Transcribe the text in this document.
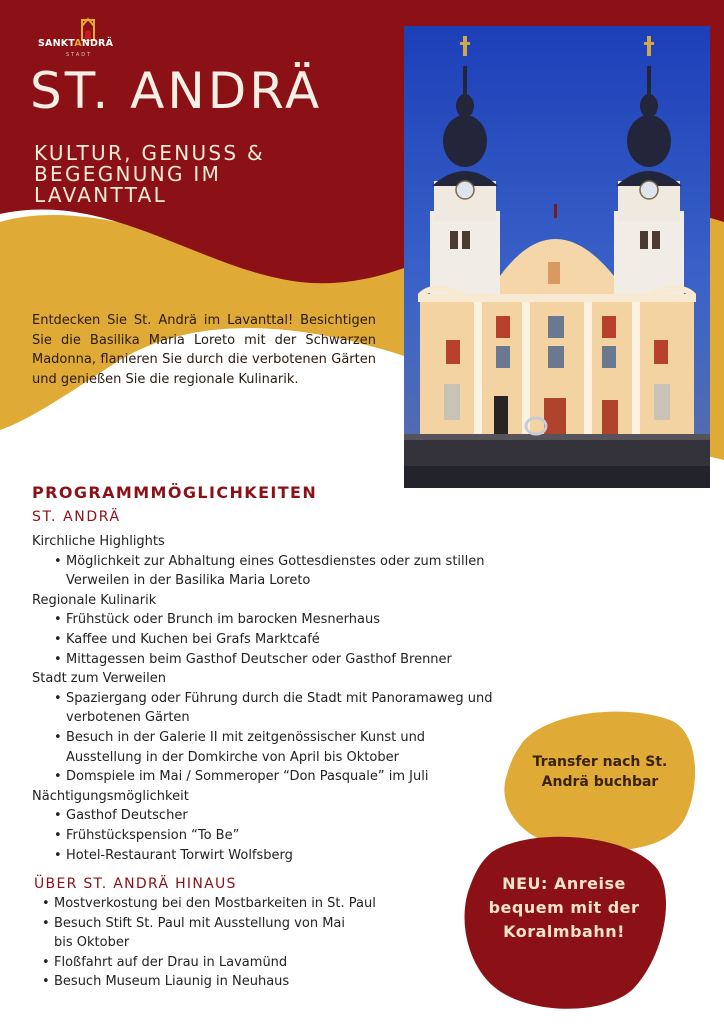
SANKTANDRÄ
STADT
ST. ANDRÄ
KULTUR, GENUSS &
BEGEGNUNG IM
LAVANTTAL
Entdecken Sie St. Andrä im Lavanttal! Besichtigen Sie die Basilika Maria Loreto mit der Schwarzen Madonna, flanieren Sie durch die verbotenen Gärten und genießen Sie die regionale Kulinarik.
PROGRAMMMÖGLICHKEITEN
ST. ANDRÄ
Kirchliche Highlights
• Möglichkeit zur Abhaltung eines Gottesdienstes oder zum stillen Verweilen in der Basilika Maria Loreto
Regionale Kulinarik
• Frühstück oder Brunch im barocken Mesnerhaus
• Kaffee und Kuchen bei Grafs Marktcafé
• Mittagessen beim Gasthof Deutscher oder Gasthof Brenner
Stadt zum Verweilen
• Spaziergang oder Führung durch die Stadt mit Panoramaweg und verbotenen Gärten
• Besuch in der Galerie II mit zeitgenössischer Kunst und Ausstellung in der Domkirche von April bis Oktober
• Domspiele im Mai / Sommeroper “Don Pasquale” im Juli
Nächtigungsmöglichkeit
• Gasthof Deutscher
• Frühstückspension “To Be”
• Hotel-Restaurant Torwirt Wolfsberg
ÜBER ST. ANDRÄ HINAUS
• Mostverkostung bei den Mostbarkeiten in St. Paul
• Besuch Stift St. Paul mit Ausstellung von Mai bis Oktober
• Floßfahrt auf der Drau in Lavamünd
• Besuch Museum Liaunig in Neuhaus
Transfer nach St. Andrä buchbar
NEU: Anreise bequem mit der Koralmbahn!
